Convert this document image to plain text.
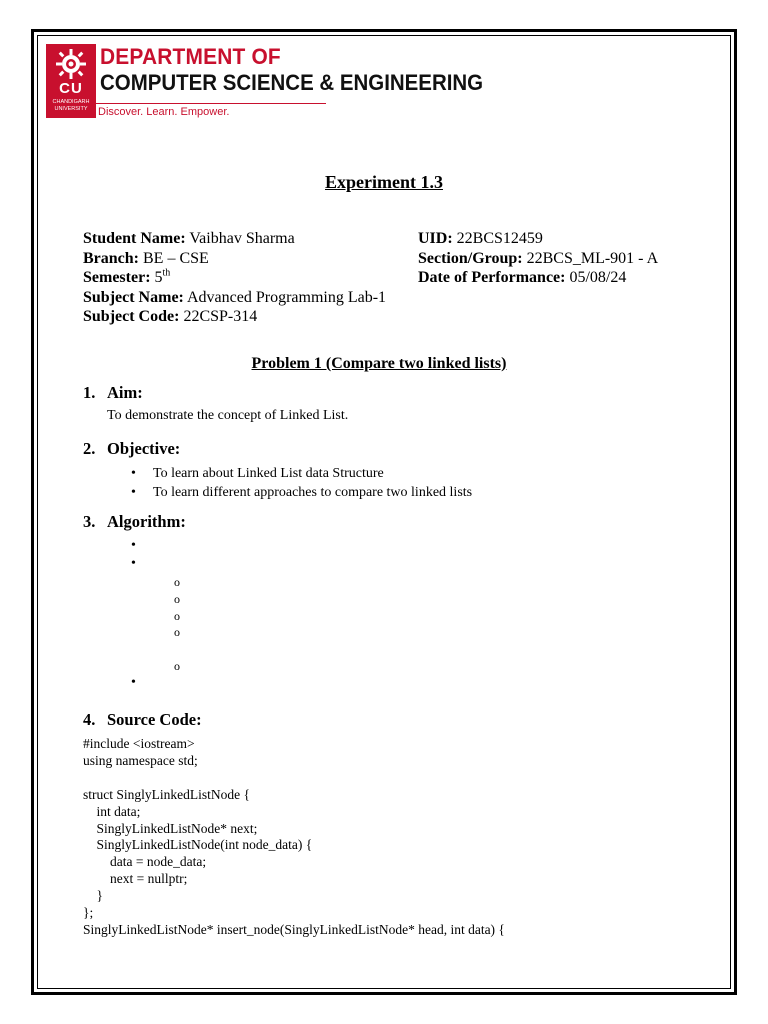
CU
CHANDIGARH UNIVERSITY
DEPARTMENT OF
COMPUTER SCIENCE & ENGINEERING
Discover. Learn. Empower.
Experiment 1.3
Student Name: Vaibhav Sharma
Branch: BE – CSE
Semester: 5th
Subject Name: Advanced Programming Lab-1
Subject Code: 22CSP-314
UID: 22BCS12459
Section/Group: 22BCS_ML-901 - A
Date of Performance: 05/08/24
Problem 1 (Compare two linked lists)
1. Aim:
To demonstrate the concept of Linked List.
2. Objective:
• To learn about Linked List data Structure
• To learn different approaches to compare two linked lists
3. Algorithm:
•
•
o
o
o
o
o
•
4. Source Code:
#include <iostream>
using namespace std;

struct SinglyLinkedListNode {
int data;
SinglyLinkedListNode* next;
SinglyLinkedListNode(int node_data) {
data = node_data;
next = nullptr;
}
};
SinglyLinkedListNode* insert_node(SinglyLinkedListNode* head, int data) {
